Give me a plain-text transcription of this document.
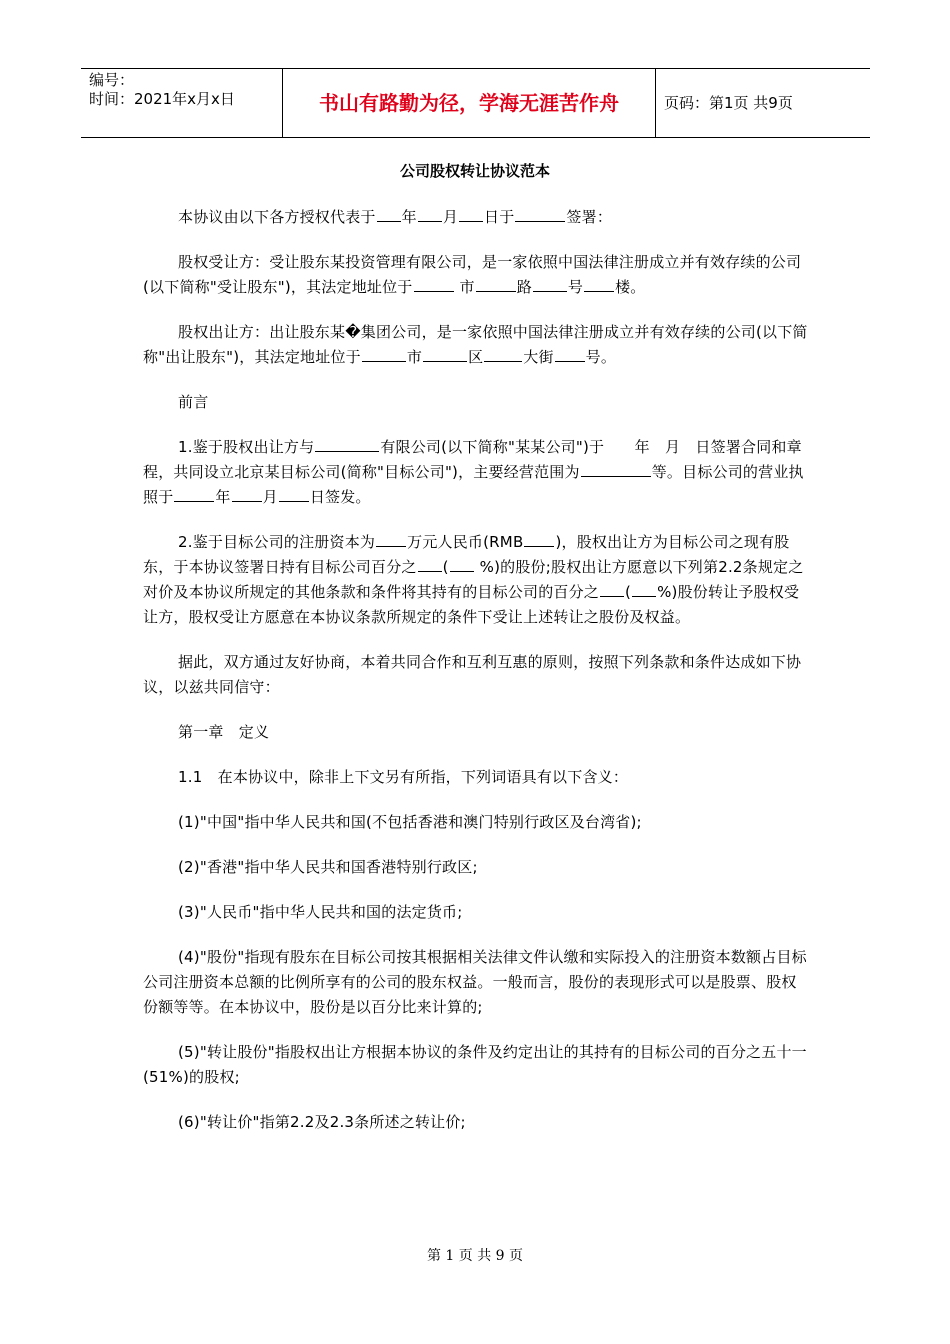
编号：
时间：2021年x月x日	书山有路勤为径，学海无涯苦作舟	页码：第1页 共9页
公司股权转让协议范本

本协议由以下各方授权代表于 年 月 日于	签署：

股权受让方：受让股东某投资管理有限公司，是一家依照中国法律注册成立并有效存续的公司(以下简称"受让股东")，其法定地址位于	市	路 号 楼。

股权出让方：出让股东某�集团公司，是一家依照中国法律注册成立并有效存续的公司(以下简称"出让股东")，其法定地址位于	市	区	大街 号。

前言

1.鉴于股权出让方与	有限公司(以下简称"某某公司")于　　年　月　日签署合同和章程，共同设立北京某目标公司(简称"目标公司")，主要经营范围为	等。目标公司的营业执照于	年 月 日签发。

2.鉴于目标公司的注册资本为 万元人民币(RMB )，股权出让方为目标公司之现有股东，于本协议签署日持有目标公司百分之 ( %)的股份;股权出让方愿意以下列第2.2条规定之对价及本协议所规定的其他条款和条件将其持有的目标公司的百分之 ( %)股份转让予股权受让方，股权受让方愿意在本协议条款所规定的条件下受让上述转让之股份及权益。

据此，双方通过友好协商，本着共同合作和互利互惠的原则，按照下列条款和条件达成如下协议，以兹共同信守：

第一章　定义

1.1　在本协议中，除非上下文另有所指，下列词语具有以下含义：

(1)"中国"指中华人民共和国(不包括香港和澳门特别行政区及台湾省);

(2)"香港"指中华人民共和国香港特别行政区;

(3)"人民币"指中华人民共和国的法定货币;

(4)"股份"指现有股东在目标公司按其根据相关法律文件认缴和实际投入的注册资本数额占目标公司注册资本总额的比例所享有的公司的股东权益。一般而言，股份的表现形式可以是股票、股权份额等等。在本协议中，股份是以百分比来计算的;

(5)"转让股份"指股权出让方根据本协议的条件及约定出让的其持有的目标公司的百分之五十一(51%)的股权;

(6)"转让价"指第2.2及2.3条所述之转让价;

第 1 页 共 9 页
